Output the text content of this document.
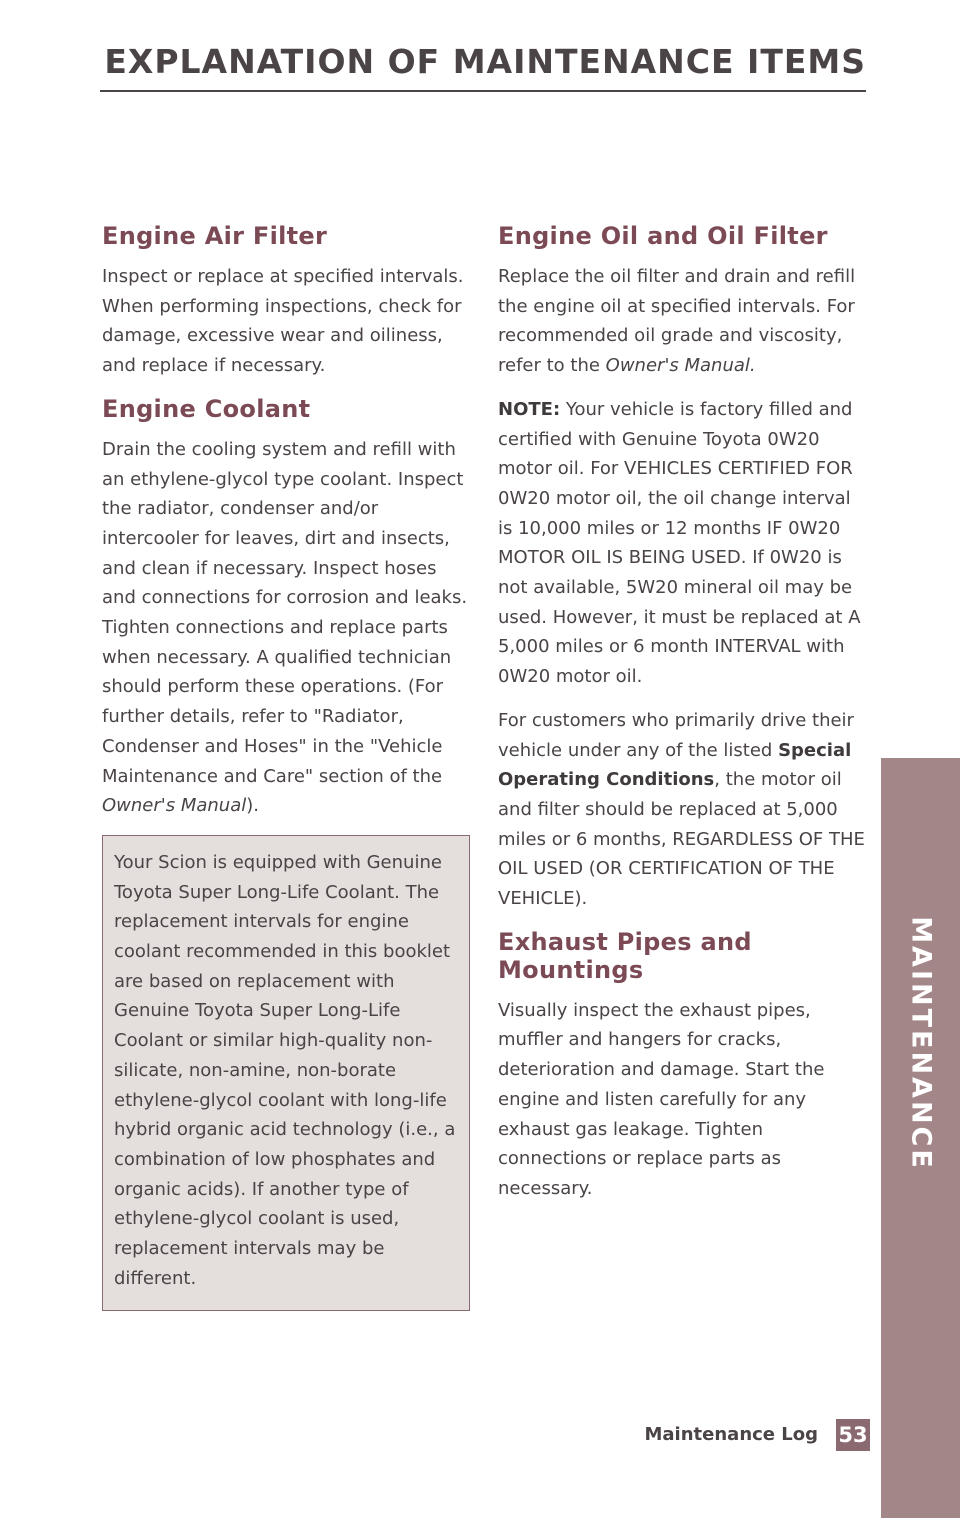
EXPLANATION OF MAINTENANCE ITEMS
Engine Air Filter

Inspect or replace at specified intervals. When performing inspections, check for damage, excessive wear and oiliness, and replace if necessary.

Engine Coolant

Drain the cooling system and refill with an ethylene-glycol type coolant. Inspect the radiator, condenser and/or intercooler for leaves, dirt and insects, and clean if necessary. Inspect hoses and connections for corrosion and leaks. Tighten connections and replace parts when necessary. A qualified technician should perform these operations. (For further details, refer to "Radiator, Condenser and Hoses" in the "Vehicle Maintenance and Care" section of the Owner's Manual).

Your Scion is equipped with Genuine Toyota Super Long-Life Coolant. The replacement intervals for engine coolant recommended in this booklet are based on replacement with Genuine Toyota Super Long-Life Coolant or similar high-quality non-silicate, non-amine, non-borate ethylene-glycol coolant with long-life hybrid organic acid technology (i.e., a combination of low phosphates and organic acids). If another type of ethylene-glycol coolant is used, replacement intervals may be different.

Engine Oil and Oil Filter

Replace the oil filter and drain and refill the engine oil at specified intervals. For recommended oil grade and viscosity, refer to the Owner's Manual.

NOTE: Your vehicle is factory filled and certified with Genuine Toyota 0W20 motor oil. For VEHICLES CERTIFIED FOR 0W20 motor oil, the oil change interval is 10,000 miles or 12 months IF 0W20 MOTOR OIL IS BEING USED. If 0W20 is not available, 5W20 mineral oil may be used. However, it must be replaced at A 5,000 miles or 6 month INTERVAL with 0W20 motor oil.

For customers who primarily drive their vehicle under any of the listed Special Operating Conditions, the motor oil and filter should be replaced at 5,000 miles or 6 months, REGARDLESS OF THE OIL USED (OR CERTIFICATION OF THE VEHICLE).

Exhaust Pipes and Mountings

Visually inspect the exhaust pipes, muffler and hangers for cracks, deterioration and damage. Start the engine and listen carefully for any exhaust gas leakage. Tighten connections or replace parts as necessary.

MAINTENANCE
Maintenance Log 53
